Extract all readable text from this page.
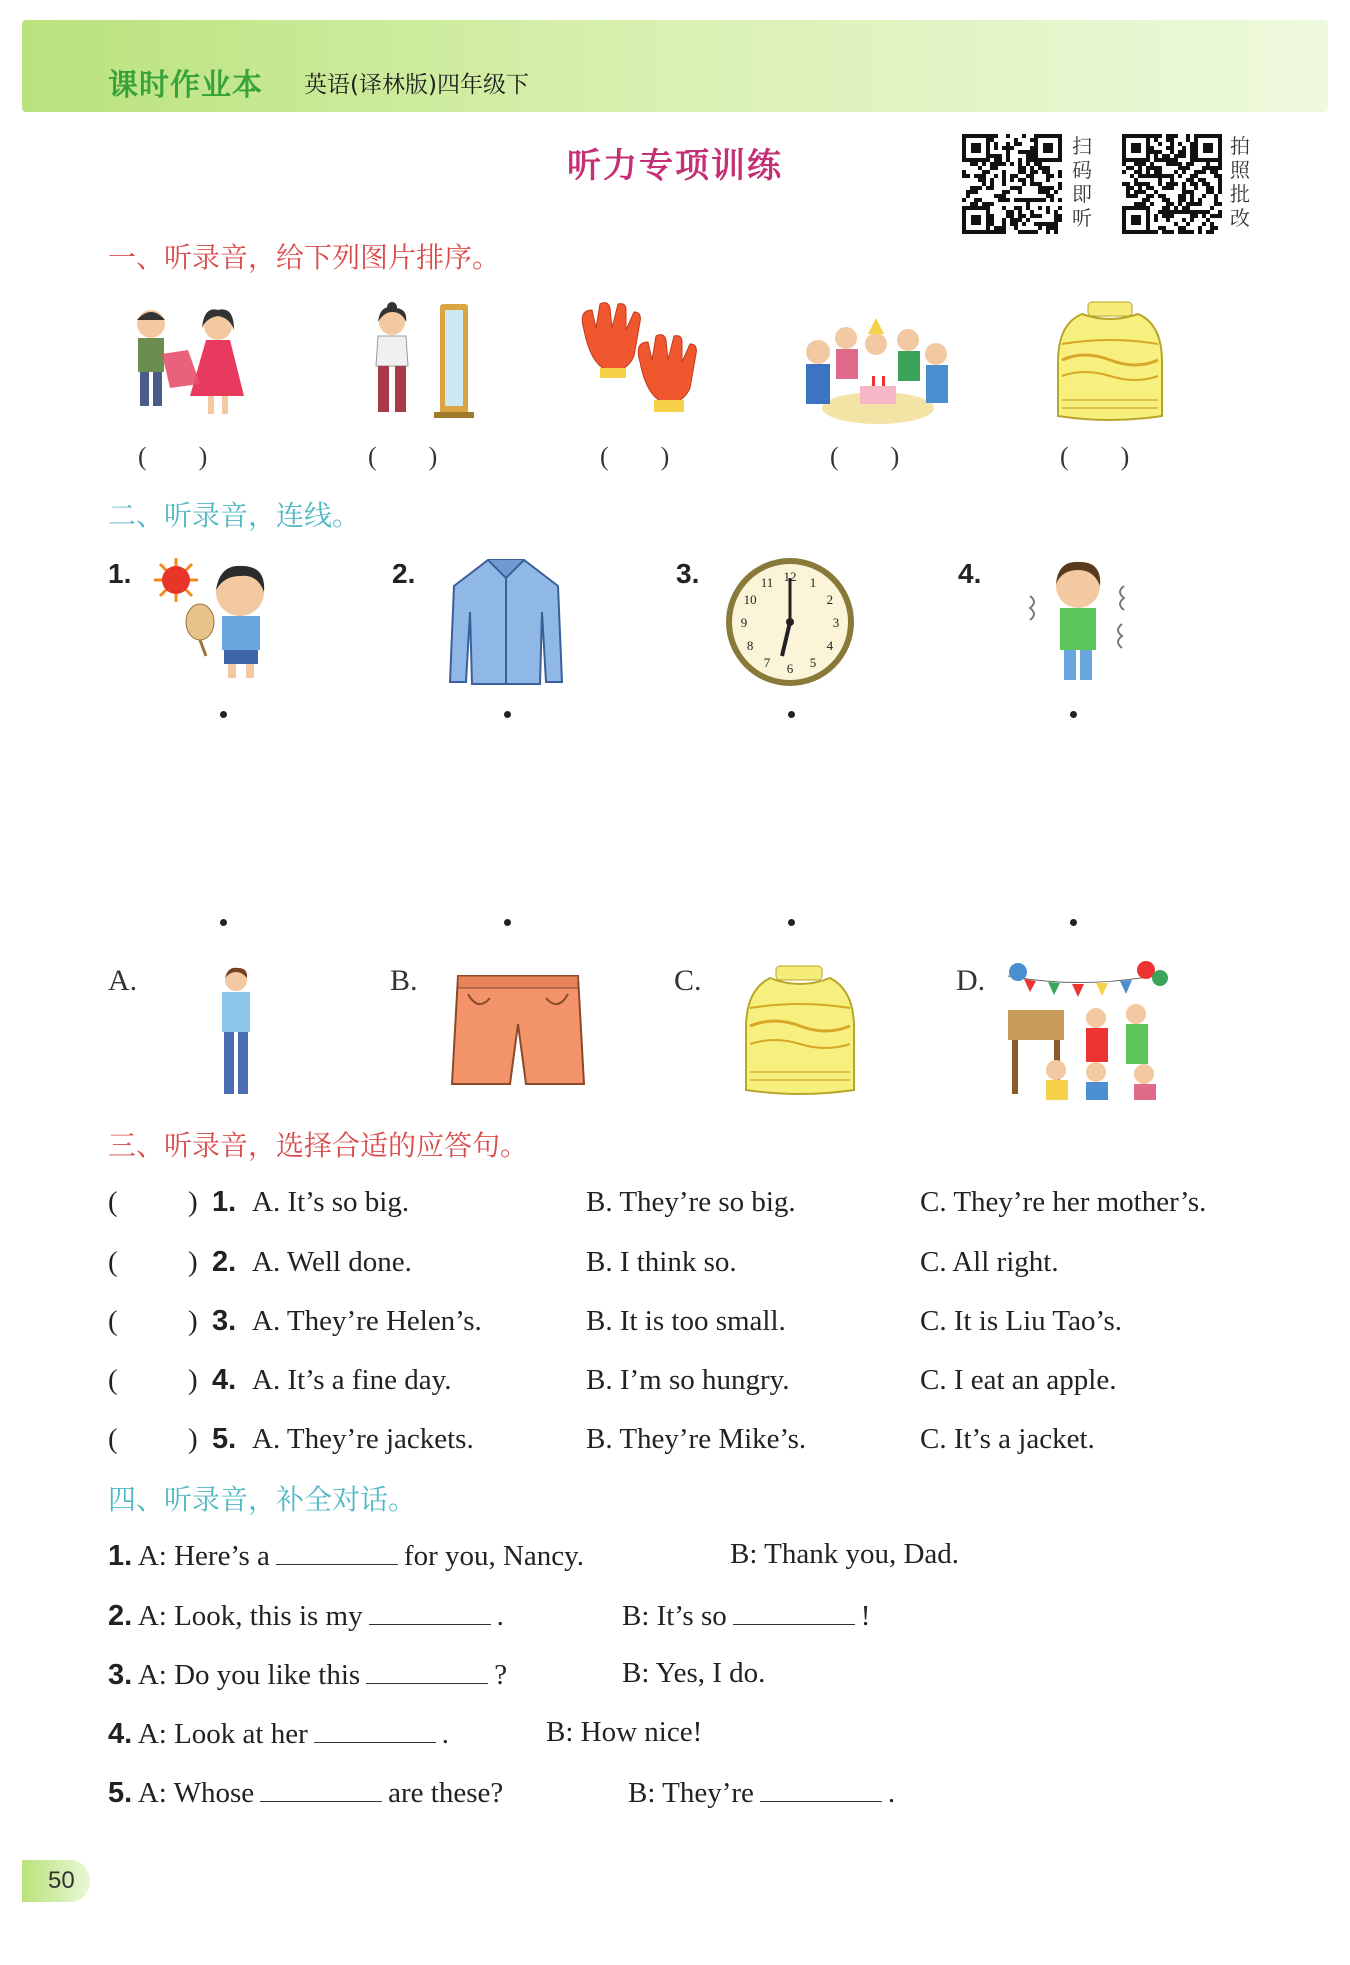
课时作业本 英语(译林版)四年级下
听力专项训练	扫
码
即
听
拍
照
批
改
一、听录音，给下列图片排序。
(　　)	(　　)	(　　)	(　　)	(　　)
二、听录音，连线。
1.	2.	3.	4.
12 1
2
3
4
5
6
7
8
9
10
11
A.	B.	C.	D.
三、听录音，选择合适的应答句。
( ) 1. A. It’s so big.	B. They’re so big.	C. They’re her mother’s.
( ) 2. A. Well done.	B. I think so.	C. All right.
( ) 3. A. They’re Helen’s.	B. It is too small.	C. It is Liu Tao’s.
( ) 4. A. It’s a fine day.	B. I’m so hungry.	C. I eat an apple.
( ) 5. A. They’re jackets.	B. They’re Mike’s.	C. It’s a jacket.
四、听录音，补全对话。
1. A: Here’s a	for you, Nancy.	B: Thank you, Dad.
2. A: Look, this is my	.	B: It’s so	!
3. A: Do you like this	?	B: Yes, I do.
4. A: Look at her	.	B: How nice!
5. A: Whose	are these?	B: They’re	.
50
